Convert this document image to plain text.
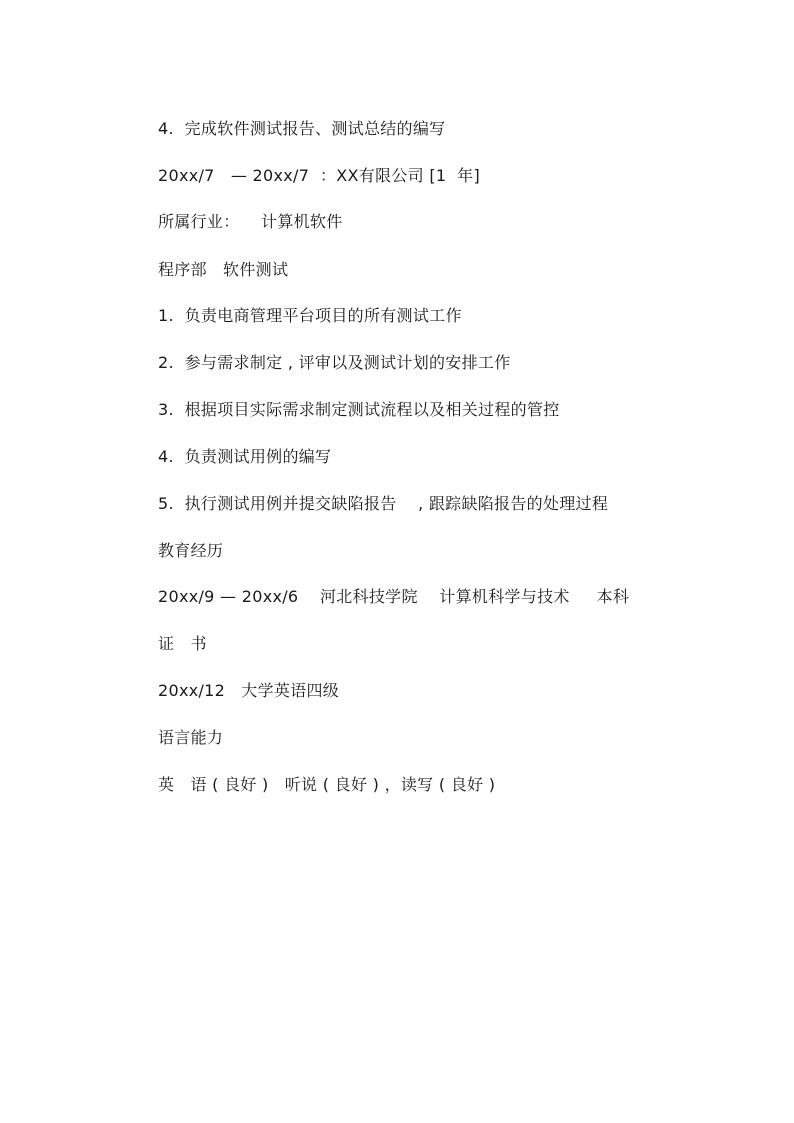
4.  完成软件测试报告、测试总结的编写
20xx/7   — 20xx/7  ：XX有限公司 [1  年]
所属行业：    计算机软件
程序部   软件测试
1.  负责电商管理平台项目的所有测试工作
2.  参与需求制定 , 评审以及测试计划的安排工作
3.  根据项目实际需求制定测试流程以及相关过程的管控
4.  负责测试用例的编写
5.  执行测试用例并提交缺陷报告    , 跟踪缺陷报告的处理过程
教育经历
20xx/9 — 20xx/6    河北科技学院    计算机科学与技术     本科
证   书
20xx/12   大学英语四级
语言能力
英   语 ( 良好 )   听说 ( 良好 ) ，读写 ( 良好 )
